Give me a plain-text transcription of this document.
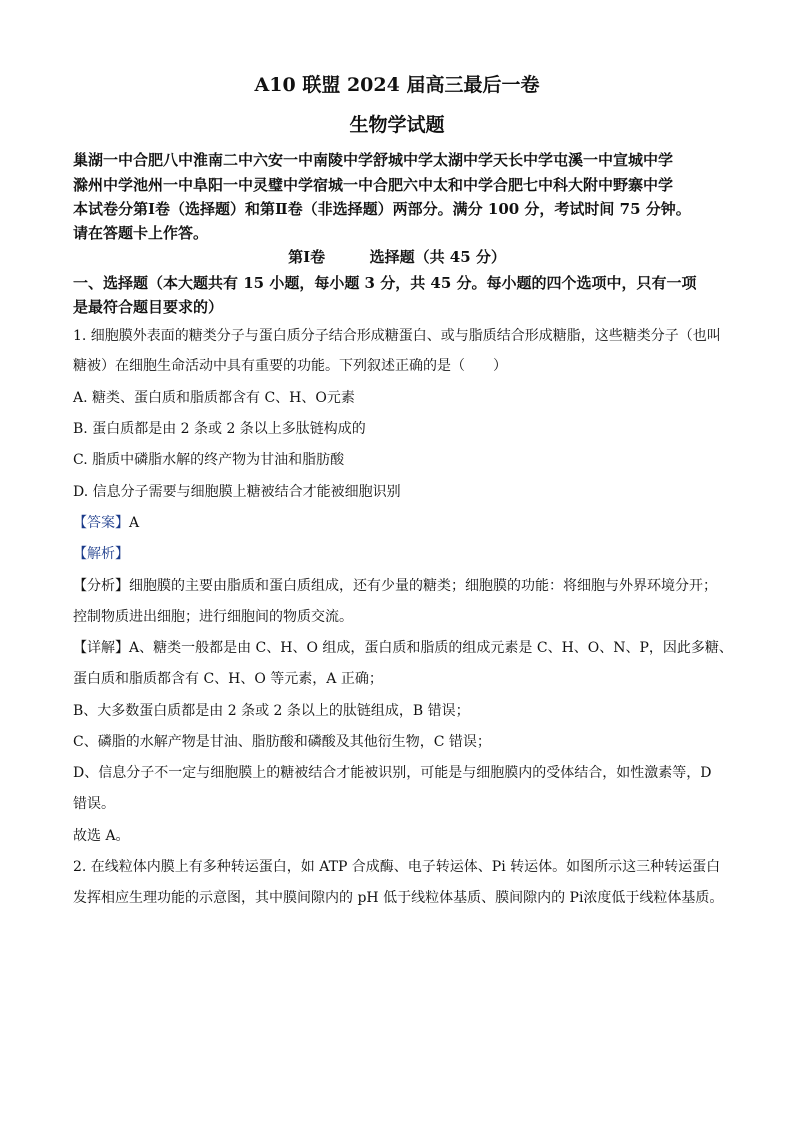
A10 联盟 2024 届高三最后一卷
生物学试题
巢湖一中合肥八中淮南二中六安一中南陵中学舒城中学太湖中学天长中学屯溪一中宣城中学
滁州中学池州一中阜阳一中灵璧中学宿城一中合肥六中太和中学合肥七中科大附中野寨中学
本试卷分第Ⅰ卷（选择题）和第Ⅱ卷（非选择题）两部分。满分 100 分，考试时间 75 分钟。
请在答题卡上作答。
第Ⅰ卷	选择题（共 45 分）
一、选择题（本大题共有 15 小题，每小题 3 分，共 45 分。每小题的四个选项中，只有一项
是最符合题目要求的）
1. 细胞膜外表面的糖类分子与蛋白质分子结合形成糖蛋白、或与脂质结合形成糖脂，这些糖类分子（也叫
糖被）在细胞生命活动中具有重要的功能。下列叙述正确的是（　　）
A. 糖类、蛋白质和脂质都含有 C、H、O元素
B. 蛋白质都是由 2 条或 2 条以上多肽链构成的
C. 脂质中磷脂水解的终产物为甘油和脂肪酸
D. 信息分子需要与细胞膜上糖被结合才能被细胞识别
【答案】A
【解析】
【分析】细胞膜的主要由脂质和蛋白质组成，还有少量的糖类；细胞膜的功能：将细胞与外界环境分开；
控制物质进出细胞；进行细胞间的物质交流。
【详解】A、糖类一般都是由 C、H、O 组成，蛋白质和脂质的组成元素是 C、H、O、N、P，因此多糖、
蛋白质和脂质都含有 C、H、O 等元素，A 正确；
B、大多数蛋白质都是由 2 条或 2 条以上的肽链组成，B 错误；
C、磷脂的水解产物是甘油、脂肪酸和磷酸及其他衍生物，C 错误；
D、信息分子不一定与细胞膜上的糖被结合才能被识别，可能是与细胞膜内的受体结合，如性激素等，D
错误。
故选 A。
2. 在线粒体内膜上有多种转运蛋白，如 ATP 合成酶、电子转运体、Pi 转运体。如图所示这三种转运蛋白
发挥相应生理功能的示意图，其中膜间隙内的 pH 低于线粒体基质、膜间隙内的 Pi浓度低于线粒体基质。
